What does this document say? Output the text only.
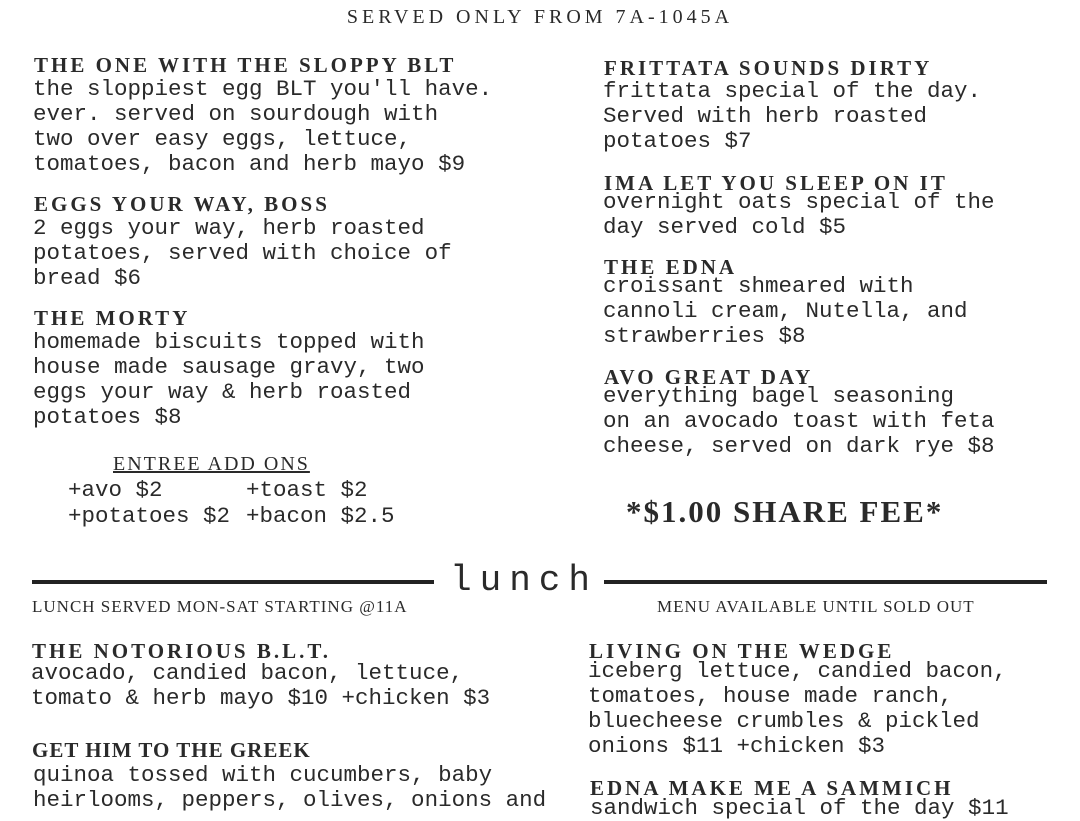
SERVED ONLY FROM 7A-1045A
THE ONE WITH THE SLOPPY BLT
the sloppiest egg BLT you'll have.
ever. served on sourdough with
two over easy eggs, lettuce,
tomatoes, bacon and herb mayo $9
EGGS YOUR WAY, BOSS
2 eggs your way, herb roasted
potatoes, served with choice of
bread $6
THE MORTY
homemade biscuits topped with
house made sausage gravy, two
eggs your way & herb roasted
potatoes $8
ENTREE ADD ONS
+avo $2	+toast $2
+potatoes $2 +bacon $2.5
FRITTATA SOUNDS DIRTY
frittata special of the day.
Served with herb roasted
potatoes $7
IMA LET YOU SLEEP ON IT
overnight oats special of the
day served cold $5
THE EDNA
croissant shmeared with
cannoli cream, Nutella, and
strawberries $8
AVO GREAT DAY
everything bagel seasoning
on an avocado toast with feta
cheese, served on dark rye $8
*$1.00 SHARE FEE*
lunch
LUNCH SERVED MON-SAT STARTING @11A	MENU AVAILABLE UNTIL SOLD OUT
THE NOTORIOUS B.L.T.
avocado, candied bacon, lettuce,
tomato & herb mayo $10 +chicken $3
GET HIM TO THE GREEK
quinoa tossed with cucumbers, baby
heirlooms, peppers, olives, onions and
LIVING ON THE WEDGE
iceberg lettuce, candied bacon,
tomatoes, house made ranch,
bluecheese crumbles & pickled
onions $11 +chicken $3
EDNA MAKE ME A SAMMICH
sandwich special of the day $11
